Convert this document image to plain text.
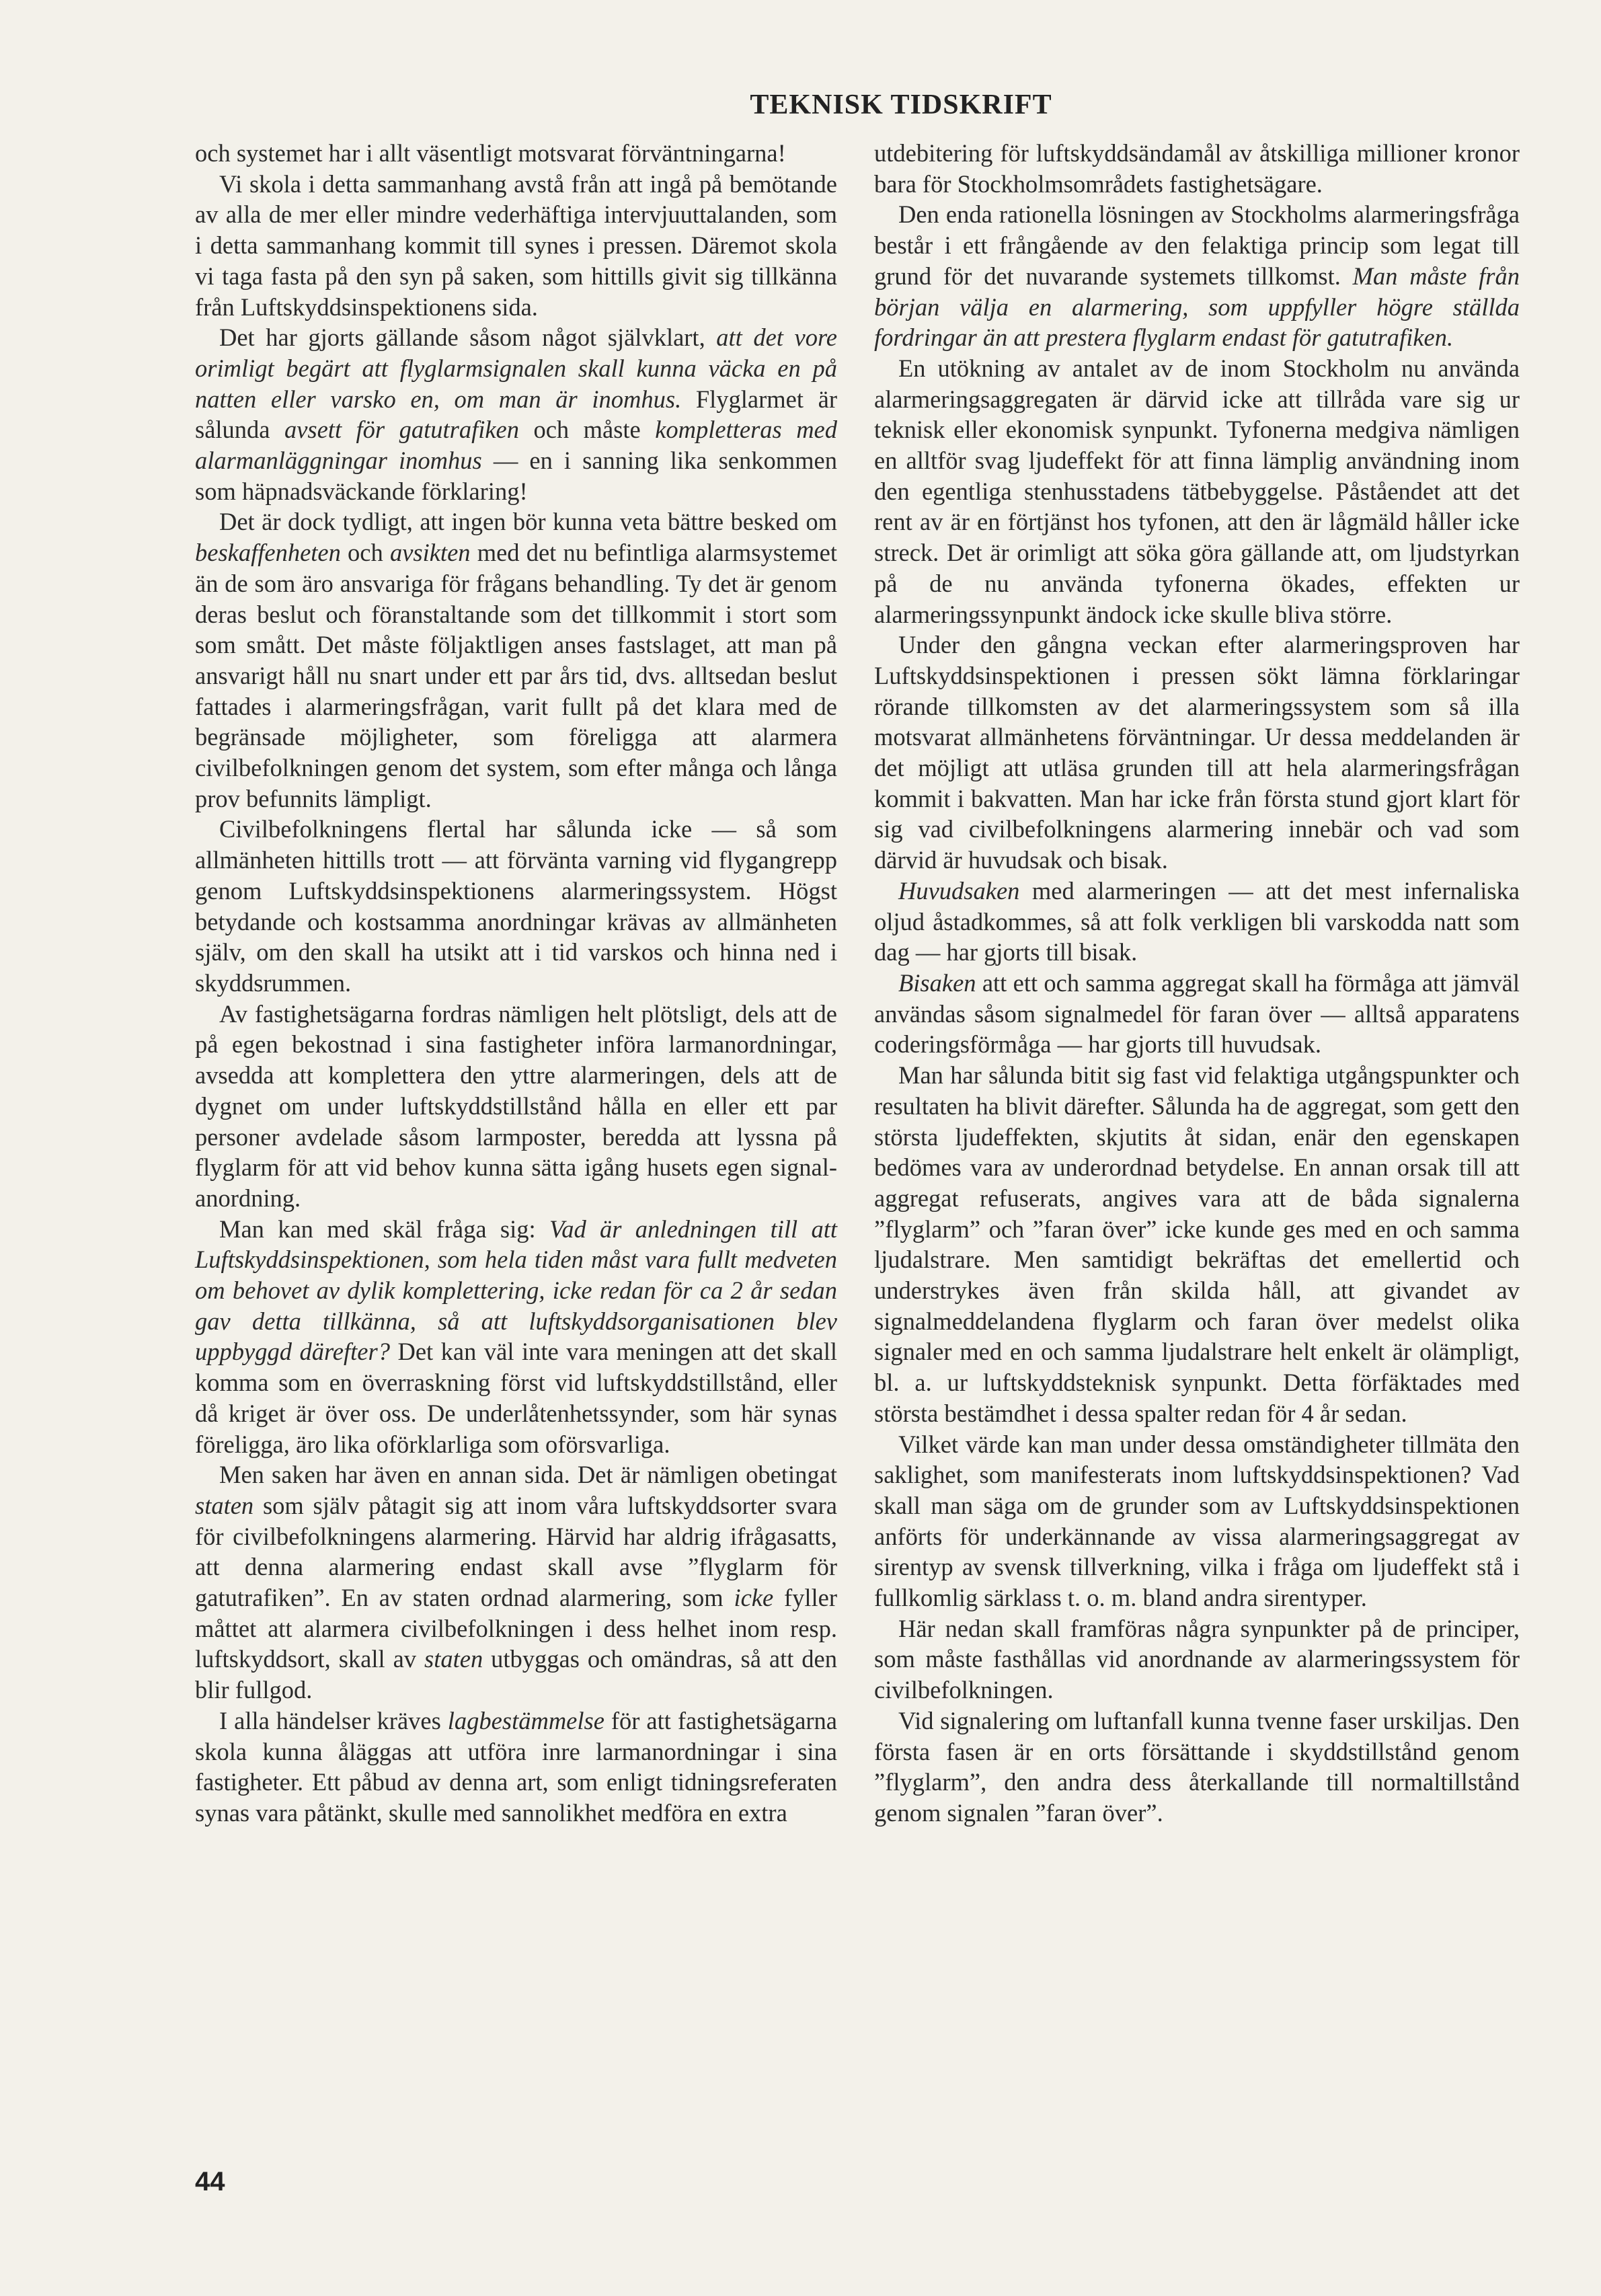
TEKNISK TIDSKRIFT

och systemet har i allt väsentligt motsvarat förväntningarna!

Vi skola i detta sammanhang avstå från att ingå på bemötande av alla de mer eller mindre vederhäftiga intervjuuttalanden, som i detta sammanhang kommit till synes i pressen. Däremot skola vi taga fasta på den syn på saken, som hittills givit sig tillkänna från Luftskyddsinspektionens sida.

Det har gjorts gällande såsom något självklart, att det vore orimligt begärt att flyglarmsignalen skall kunna väcka en på natten eller varsko en, om man är inomhus. Flyglarmet är sålunda avsett för gatutrafiken och måste kompletteras med alarmanläggningar inomhus — en i sanning lika senkommen som häpnadsväckande förklaring!

Det är dock tydligt, att ingen bör kunna veta bättre besked om beskaffenheten och avsikten med det nu befintliga alarmsystemet än de som äro ansvariga för frågans behandling. Ty det är genom deras beslut och föranstaltande som det tillkommit i stort som som smått. Det måste följaktligen anses fastslaget, att man på ansvarigt håll nu snart under ett par års tid, dvs. alltsedan beslut fattades i alarmeringsfrågan, varit fullt på det klara med de begränsade möjligheter, som föreligga att alarmera civilbefolkningen genom det system, som efter många och långa prov befunnits lämpligt.

Civilbefolkningens flertal har sålunda icke — så som allmänheten hittills trott — att förvänta varning vid flygangrepp genom Luftskyddsinspektionens alarmeringssystem. Högst betydande och kostsamma anordningar krävas av allmänheten själv, om den skall ha utsikt att i tid varskos och hinna ned i skyddsrummen.

Av fastighetsägarna fordras nämligen helt plötsligt, dels att de på egen bekostnad i sina fastigheter införa larmanordningar, avsedda att komplettera den yttre alarmeringen, dels att de dygnet om under luftskyddstillstånd hålla en eller ett par personer avdelade såsom larmposter, beredda att lyssna på flyglarm för att vid behov kunna sätta igång husets egen signalanordning.

Man kan med skäl fråga sig: Vad är anledningen till att Luftskyddsinspektionen, som hela tiden måst vara fullt medveten om behovet av dylik komplettering, icke redan för ca 2 år sedan gav detta tillkänna, så att luftskyddsorganisationen blev uppbyggd därefter? Det kan väl inte vara meningen att det skall komma som en överraskning först vid luftskyddstillstånd, eller då kriget är över oss. De underlåtenhetssynder, som här synas föreligga, äro lika oförklarliga som oförsvarliga.

Men saken har även en annan sida. Det är nämligen obetingat staten som själv påtagit sig att inom våra luftskyddsorter svara för civilbefolkningens alarmering. Härvid har aldrig ifrågasatts, att denna alarmering endast skall avse ”flyglarm för gatutrafiken”. En av staten ordnad alarmering, som icke fyller måttet att alarmera civilbefolkningen i dess helhet inom resp. luftskyddsort, skall av staten utbyggas och omändras, så att den blir fullgod.

I alla händelser kräves lagbestämmelse för att fastighetsägarna skola kunna åläggas att utföra inre larmanordningar i sina fastigheter. Ett påbud av denna art, som enligt tidningsreferaten synas vara påtänkt, skulle med sannolikhet medföra en extra

utdebitering för luftskyddsändamål av åtskilliga millioner kronor bara för Stockholmsområdets fastighetsägare.

Den enda rationella lösningen av Stockholms alarmeringsfråga består i ett frångående av den felaktiga princip som legat till grund för det nuvarande systemets tillkomst. Man måste från början välja en alarmering, som uppfyller högre ställda fordringar än att prestera flyglarm endast för gatutrafiken.

En utökning av antalet av de inom Stockholm nu använda alarmeringsaggregaten är därvid icke att tillråda vare sig ur teknisk eller ekonomisk synpunkt. Tyfonerna medgiva nämligen en alltför svag ljudeffekt för att finna lämplig användning inom den egentliga stenhusstadens tätbebyggelse. Påståendet att det rent av är en förtjänst hos tyfonen, att den är lågmäld håller icke streck. Det är orimligt att söka göra gällande att, om ljudstyrkan på de nu använda tyfonerna ökades, effekten ur alarmeringssynpunkt ändock icke skulle bliva större.

Under den gångna veckan efter alarmeringsproven har Luftskyddsinspektionen i pressen sökt lämna förklaringar rörande tillkomsten av det alarmeringssystem som så illa motsvarat allmänhetens förväntningar. Ur dessa meddelanden är det möjligt att utläsa grunden till att hela alarmeringsfrågan kommit i bakvatten. Man har icke från första stund gjort klart för sig vad civilbefolkningens alarmering innebär och vad som därvid är huvudsak och bisak.

Huvudsaken med alarmeringen — att det mest infernaliska oljud åstadkommes, så att folk verkligen bli varskodda natt som dag — har gjorts till bisak.

Bisaken att ett och samma aggregat skall ha förmåga att jämväl användas såsom signalmedel för faran över — alltså apparatens coderingsförmåga — har gjorts till huvudsak.

Man har sålunda bitit sig fast vid felaktiga utgångspunkter och resultaten ha blivit därefter. Sålunda ha de aggregat, som gett den största ljudeffekten, skjutits åt sidan, enär den egenskapen bedömes vara av underordnad betydelse. En annan orsak till att aggregat refuserats, angives vara att de båda signalerna ”flyglarm” och ”faran över” icke kunde ges med en och samma ljudalstrare. Men samtidigt bekräftas det emellertid och understrykes även från skilda håll, att givandet av signalmeddelandena flyglarm och faran över medelst olika signaler med en och samma ljudalstrare helt enkelt är olämpligt, bl. a. ur luftskyddsteknisk synpunkt. Detta förfäktades med största bestämdhet i dessa spalter redan för 4 år sedan.

Vilket värde kan man under dessa omständigheter tillmäta den saklighet, som manifesterats inom luftskyddsinspektionen? Vad skall man säga om de grunder som av Luftskyddsinspektionen anförts för underkännande av vissa alarmeringsaggregat av sirentyp av svensk tillverkning, vilka i fråga om ljudeffekt stå i fullkomlig särklass t. o. m. bland andra sirentyper.

Här nedan skall framföras några synpunkter på de principer, som måste fasthållas vid anordnande av alarmeringssystem för civilbefolkningen.

Vid signalering om luftanfall kunna tvenne faser urskiljas. Den första fasen är en orts försättande i skyddstillstånd genom ”flyglarm”, den andra dess återkallande till normaltillstånd genom signalen ”faran över”.

44
